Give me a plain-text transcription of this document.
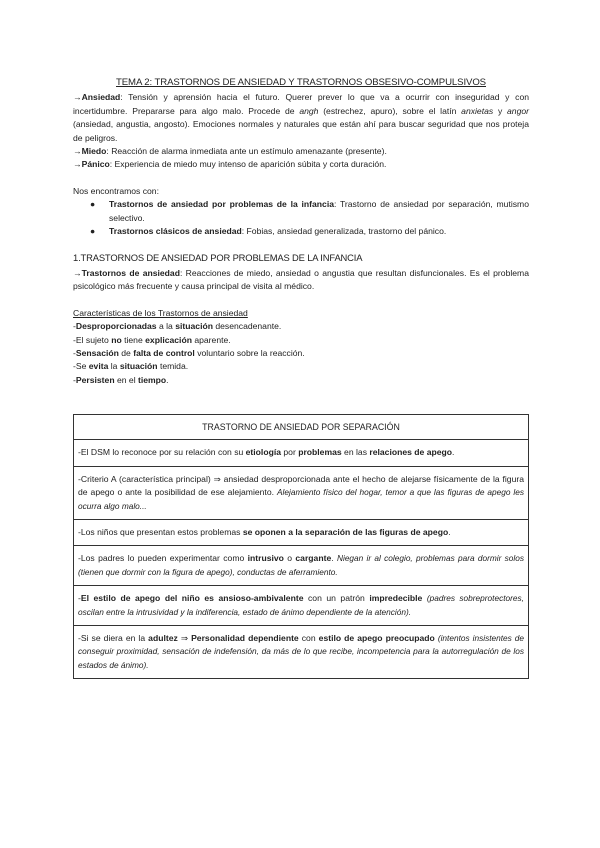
TEMA 2: TRASTORNOS DE ANSIEDAD Y TRASTORNOS OBSESIVO-COMPULSIVOS

→Ansiedad: Tensión y aprensión hacia el futuro. Querer prever lo que va a ocurrir con inseguridad y con incertidumbre. Prepararse para algo malo. Procede de angh (estrechez, apuro), sobre el latín anxietas y angor (ansiedad, angustia, angosto). Emociones normales y naturales que están ahí para buscar seguridad que nos proteja de peligros.

→Miedo: Reacción de alarma inmediata ante un estímulo amenazante (presente).

→Pánico: Experiencia de miedo muy intenso de aparición súbita y corta duración.

Nos encontramos con:

● Trastornos de ansiedad por problemas de la infancia: Trastorno de ansiedad por separación, mutismo selectivo.
● Trastornos clásicos de ansiedad: Fobias, ansiedad generalizada, trastorno del pánico.
1.TRASTORNOS DE ANSIEDAD POR PROBLEMAS DE LA INFANCIA

→Trastornos de ansiedad: Reacciones de miedo, ansiedad o angustia que resultan disfuncionales. Es el problema psicológico más frecuente y causa principal de visita al médico.

Características de los Trastornos de ansiedad

-Desproporcionadas a la situación desencadenante.

-El sujeto no tiene explicación aparente.

-Sensación de falta de control voluntario sobre la reacción.

-Se evita la situación temida.

-Persisten en el tiempo.

TRASTORNO DE ANSIEDAD POR SEPARACIÓN
-El DSM lo reconoce por su relación con su etiología por problemas en las relaciones de apego.
-Criterio A (característica principal) ⇒ ansiedad desproporcionada ante el hecho de alejarse físicamente de la figura de apego o ante la posibilidad de ese alejamiento. Alejamiento físico del hogar, temor a que las figuras de apego les ocurra algo malo...
-Los niños que presentan estos problemas se oponen a la separación de las figuras de apego.
-Los padres lo pueden experimentar como intrusivo o cargante. Niegan ir al colegio, problemas para dormir solos (tienen que dormir con la figura de apego), conductas de aferramiento.
-El estilo de apego del niño es ansioso-ambivalente con un patrón impredecible (padres sobreprotectores, oscilan entre la intrusividad y la indiferencia, estado de ánimo dependiente de la atención).
-Si se diera en la adultez ⇒ Personalidad dependiente con estilo de apego preocupado (intentos insistentes de conseguir proximidad, sensación de indefensión, da más de lo que recibe, incompetencia para la autorregulación de los estados de ánimo).
